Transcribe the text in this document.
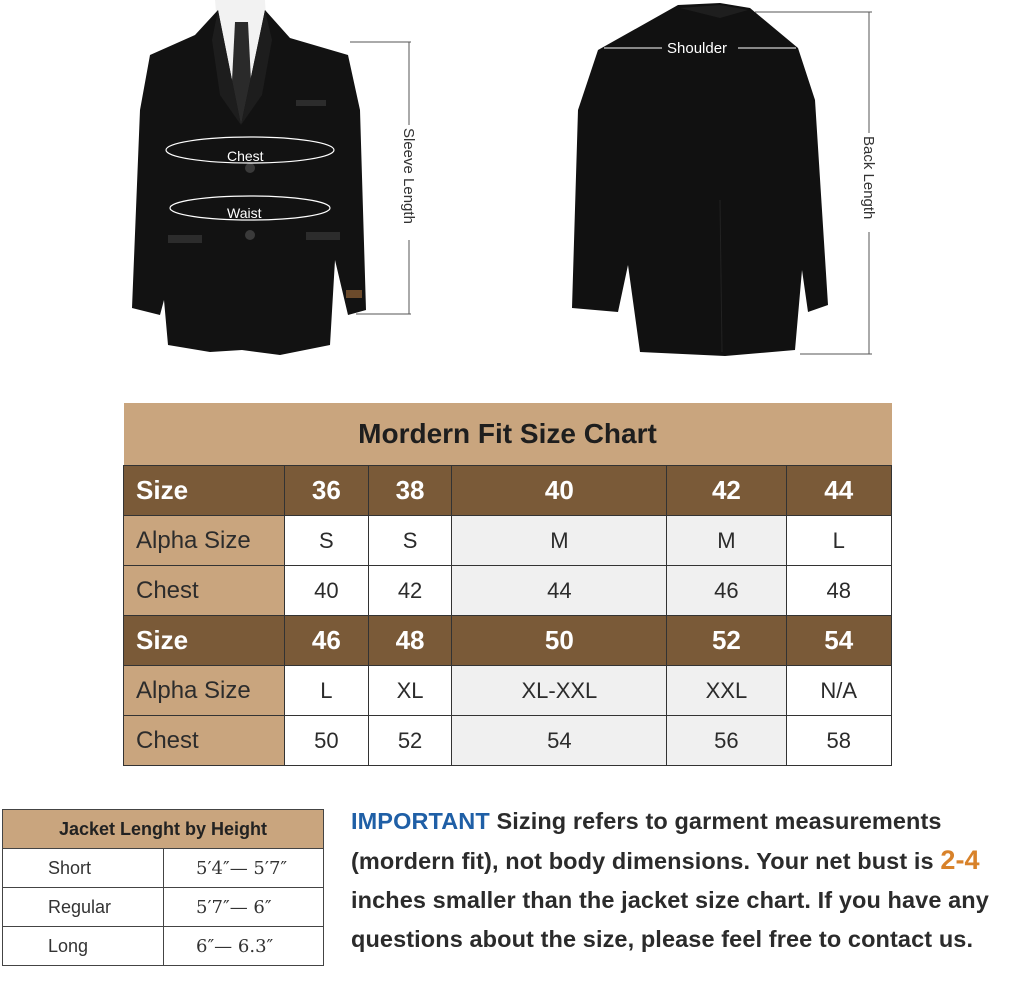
Chest
Waist	Sleeve Length
Shoulder
Back Length
Mordern Fit Size Chart					
Size	36	38	40	42	44
Alpha Size	S	S	M	M	L
Chest	40	42	44	46	48
Size	46	48	50	52	54
Alpha Size	L	XL	XL-XXL	XXL	N/A
Chest	50	52	54	56	58
Jacket Lenght by Height	
Short	5′4″— 5′7″
Regular	5′7″— 6″
Long	6″— 6.3″
IMPORTANT Sizing refers to garment measurements (mordern fit), not body dimensions. Your net bust is 2-4 inches smaller than the jacket size chart. If you have any questions about the size, please feel free to contact us.
